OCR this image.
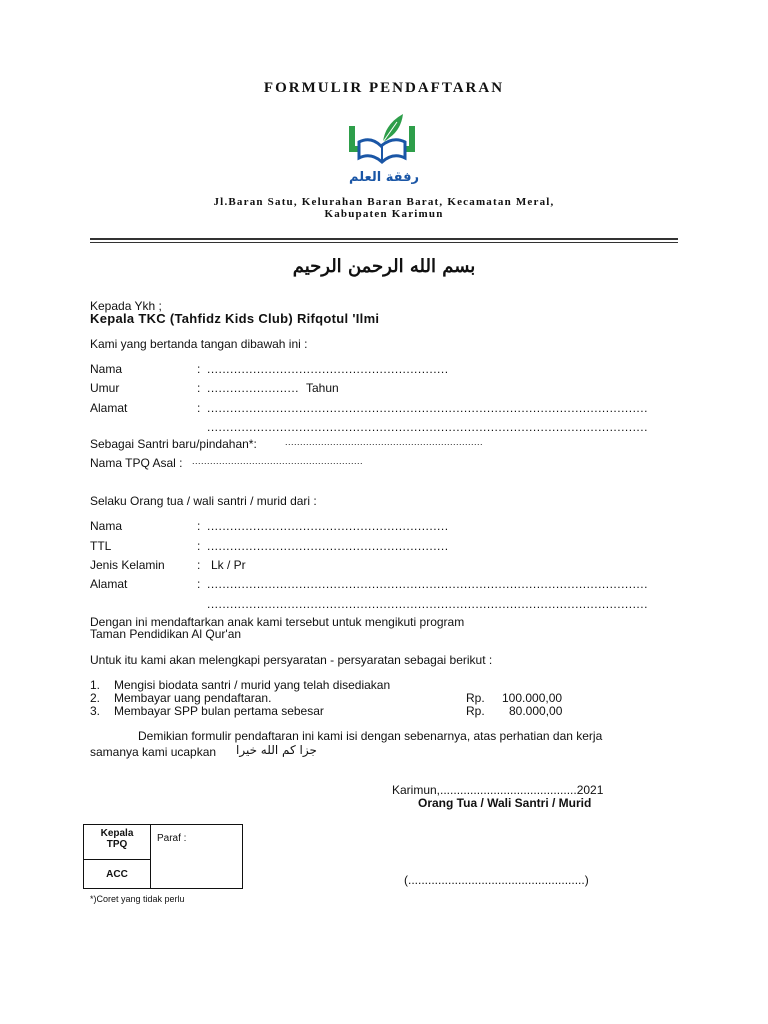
FORMULIR PENDAFTARAN
رفقة العلم
Jl.Baran Satu, Kelurahan Baran Barat, Kecamatan Meral,
Kabupaten Karimun
بسم الله الرحمن الرحيم
Kepada Ykh ;
Kepala TKC (Tahfidz Kids Club) Rifqotul 'Ilmi
Kami yang bertanda tangan dibawah ini :
Nama	: ...............................................................
Umur	: ........................ Tahun
Alamat	: ...................................................................................................................
...................................................................................................................
Sebagai Santri baru/pindahan*:	..................................................................
Nama TPQ Asal : .........................................................
Selaku Orang tua / wali santri / murid dari :
Nama	: ...............................................................
TTL	: ...............................................................
Jenis Kelamin	: Lk / Pr
Alamat	: ...................................................................................................................
...................................................................................................................
Dengan ini mendaftarkan anak kami tersebut untuk mengikuti program
Taman Pendidikan Al Qur'an
Untuk itu kami akan melengkapi persyaratan - persyaratan sebagai berikut :
1. Mengisi biodata santri / murid yang telah disediakan
2. Membayar uang pendaftaran.	Rp. 100.000,00
3. Membayar SPP bulan pertama sebesar	Rp. 80.000,00
Demikian formulir pendaftaran ini kami isi dengan sebenarnya, atas perhatian dan kerja
samanya kami ucapkan جزا كم الله خيرا
Karimun,.........................................2021
Orang Tua / Wali Santri / Murid
(.....................................................)
Kepala
TPQ
	Paraf :
ACC
*)Coret yang tidak perlu
